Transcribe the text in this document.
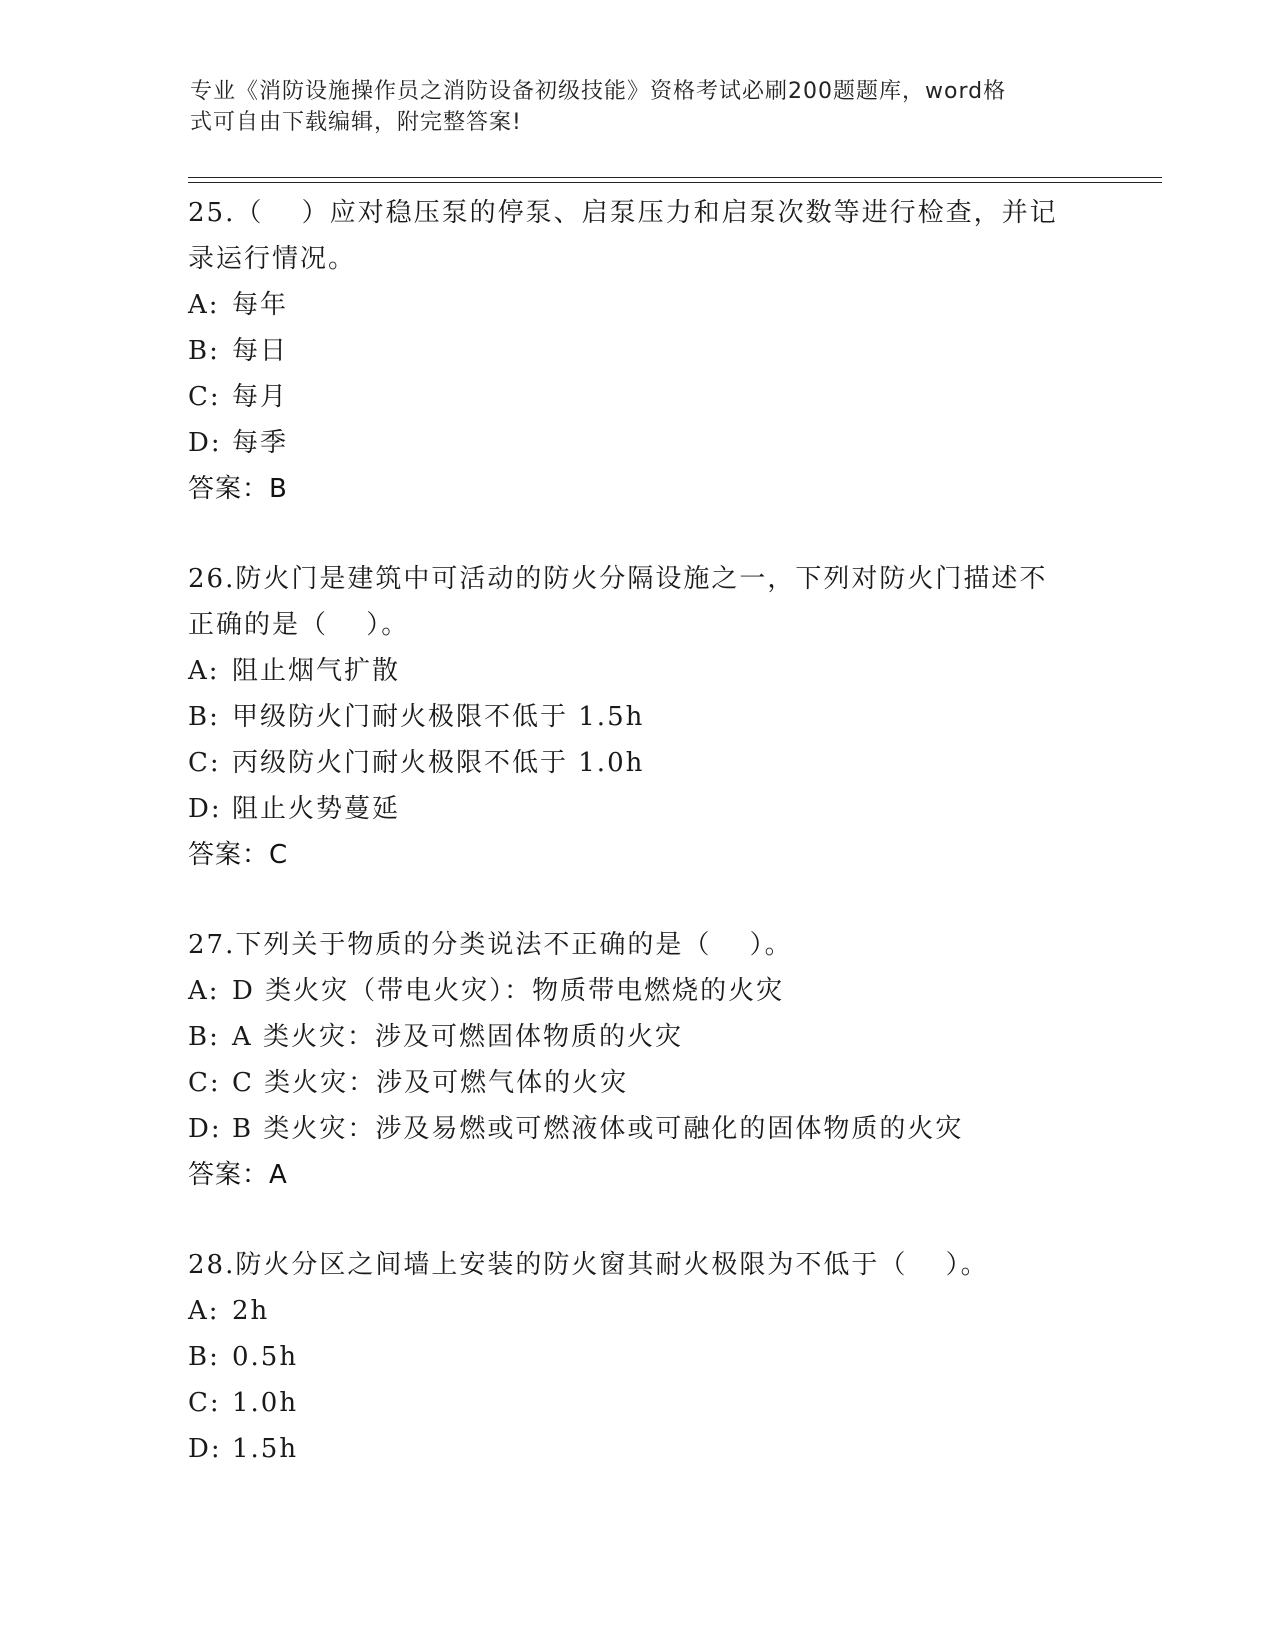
专业《消防设施操作员之消防设备初级技能》资格考试必刷200题题库，word格
式可自由下载编辑，附完整答案!

25.（　 ）应对稳压泵的停泵、启泵压力和启泵次数等进行检查，并记

录运行情况。

A: 每年

B: 每日

C: 每月

D: 每季

答案：B

26.防火门是建筑中可活动的防火分隔设施之一，下列对防火门描述不

正确的是（　 ）。

A: 阻止烟气扩散

B: 甲级防火门耐火极限不低于 1.5h

C: 丙级防火门耐火极限不低于 1.0h

D: 阻止火势蔓延

答案：C

27.下列关于物质的分类说法不正确的是（　 ）。

A: D 类火灾（带电火灾）：物质带电燃烧的火灾

B: A 类火灾：涉及可燃固体物质的火灾

C: C 类火灾：涉及可燃气体的火灾

D: B 类火灾：涉及易燃或可燃液体或可融化的固体物质的火灾

答案：A

28.防火分区之间墙上安装的防火窗其耐火极限为不低于（　 ）。

A: 2h

B: 0.5h

C: 1.0h

D: 1.5h
